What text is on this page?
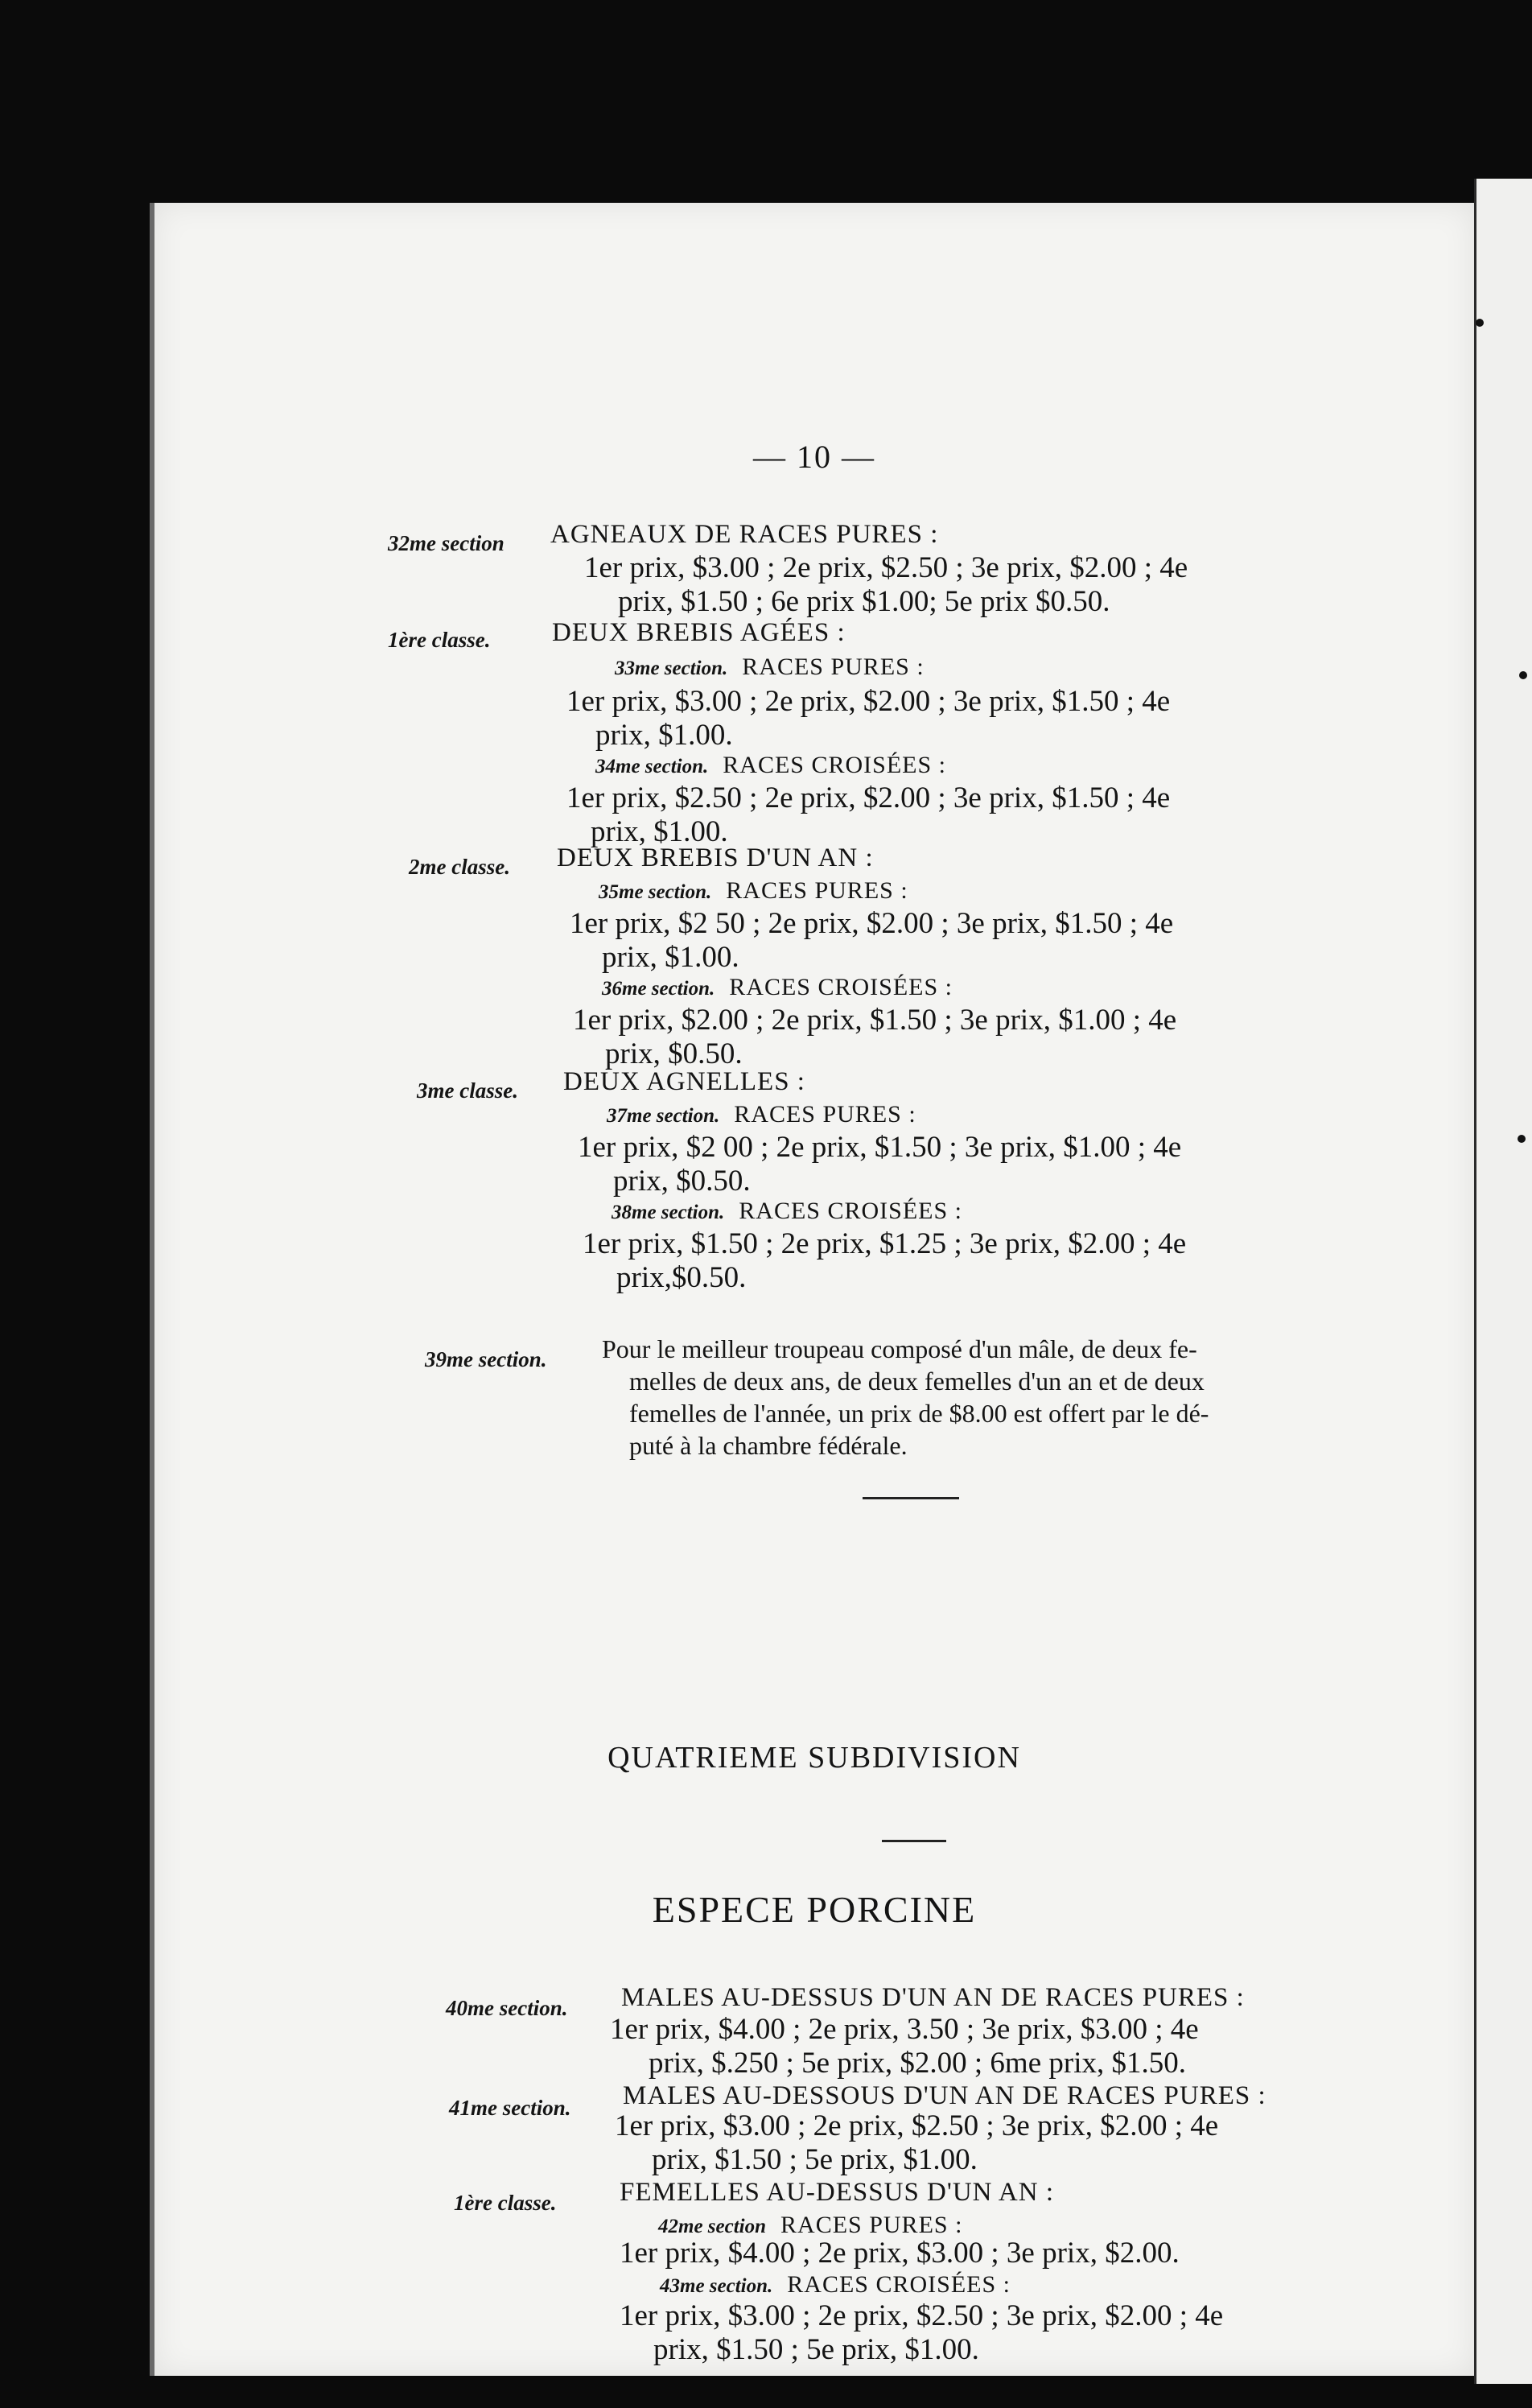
— 10 —
32me section AGNEAUX DE RACES PURES :
1er prix, $3.00 ; 2e prix, $2.50 ; 3e prix, $2.00 ; 4e
prix, $1.50 ; 6e prix $1.00; 5e prix $0.50.
1ère classe. DEUX BREBIS AGÉES :
33me section. RACES PURES :
1er prix, $3.00 ; 2e prix, $2.00 ; 3e prix, $1.50 ; 4e
prix, $1.00.
34me section. RACES CROISÉES :
1er prix, $2.50 ; 2e prix, $2.00 ; 3e prix, $1.50 ; 4e
prix, $1.00.
2me classe. DEUX BREBIS D'UN AN :
35me section. RACES PURES :
1er prix, $2 50 ; 2e prix, $2.00 ; 3e prix, $1.50 ; 4e
prix, $1.00.
36me section. RACES CROISÉES :
1er prix, $2.00 ; 2e prix, $1.50 ; 3e prix, $1.00 ; 4e
prix, $0.50.
3me classe. DEUX AGNELLES :
37me section. RACES PURES :
1er prix, $2 00 ; 2e prix, $1.50 ; 3e prix, $1.00 ; 4e
prix, $0.50.
38me section. RACES CROISÉES :
1er prix, $1.50 ; 2e prix, $1.25 ; 3e prix, $2.00 ; 4e
prix,$0.50.
39me section. Pour le meilleur troupeau composé d'un mâle, de deux fe-
melles de deux ans, de deux femelles d'un an et de deux
femelles de l'année, un prix de $8.00 est offert par le dé-
puté à la chambre fédérale.
QUATRIEME SUBDIVISION
ESPECE PORCINE
40me section. MALES AU-DESSUS D'UN AN DE RACES PURES :
1er prix, $4.00 ; 2e prix, 3.50 ; 3e prix, $3.00 ; 4e
prix, $.250 ; 5e prix, $2.00 ; 6me prix, $1.50.
41me section. MALES AU-DESSOUS D'UN AN DE RACES PURES :
1er prix, $3.00 ; 2e prix, $2.50 ; 3e prix, $2.00 ; 4e
prix, $1.50 ; 5e prix, $1.00.
1ère classe. FEMELLES AU-DESSUS D'UN AN :
42me section RACES PURES :
1er prix, $4.00 ; 2e prix, $3.00 ; 3e prix, $2.00.
43me section. RACES CROISÉES :
1er prix, $3.00 ; 2e prix, $2.50 ; 3e prix, $2.00 ; 4e
prix, $1.50 ; 5e prix, $1.00.
